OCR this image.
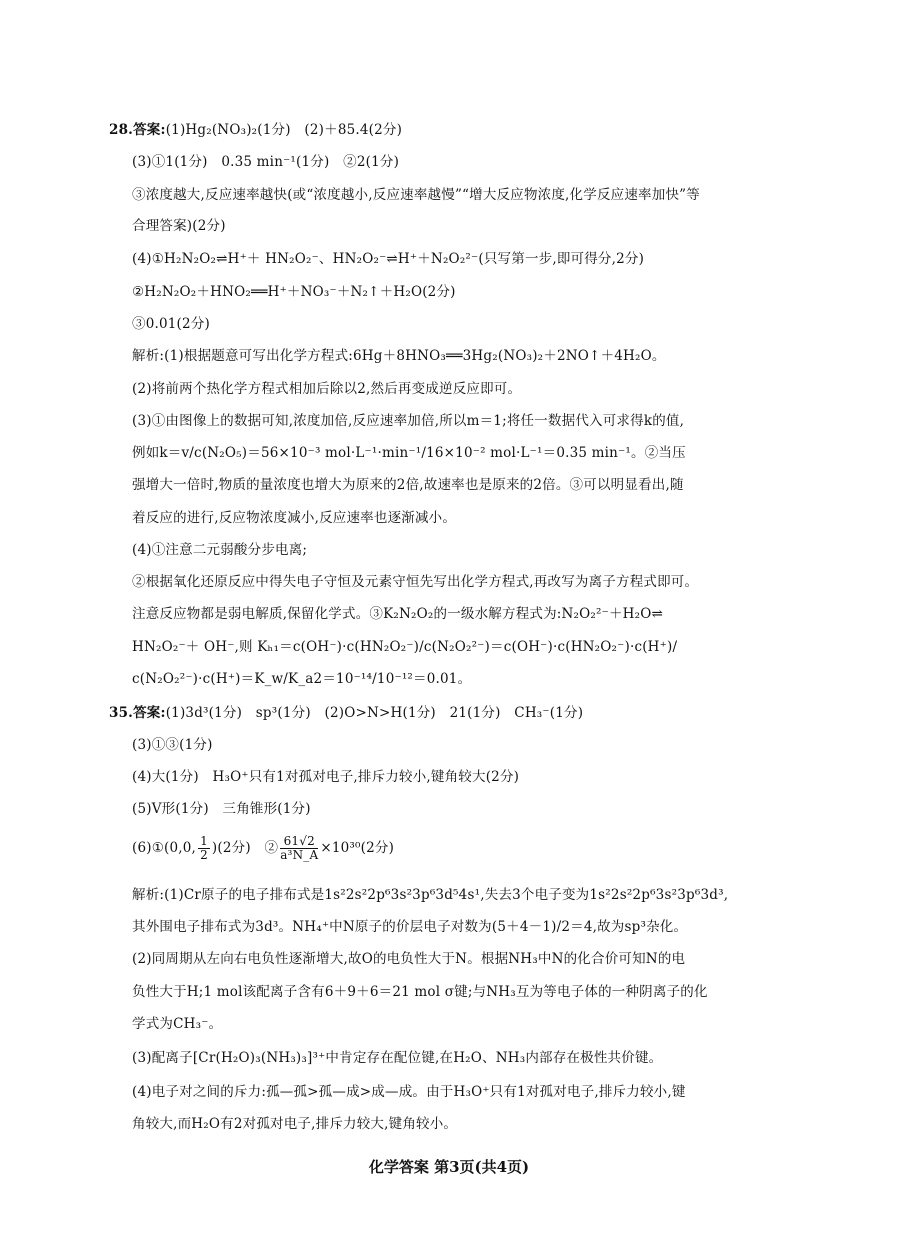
28.答案:(1)Hg₂(NO₃)₂(1分)　(2)＋85.4(2分)
(3)①1(1分)　0.35 min⁻¹(1分)　②2(1分)
③浓度越大,反应速率越快(或“浓度越小,反应速率越慢”“增大反应物浓度,化学反应速率加快”等
合理答案)(2分)
(4)①H₂N₂O₂⇌H⁺＋ HN₂O₂⁻、HN₂O₂⁻⇌H⁺＋N₂O₂²⁻(只写第一步,即可得分,2分)
②H₂N₂O₂＋HNO₂══H⁺＋NO₃⁻＋N₂↑＋H₂O(2分)
③0.01(2分)
解析:(1)根据题意可写出化学方程式:6Hg＋8HNO₃══3Hg₂(NO₃)₂＋2NO↑＋4H₂O。
(2)将前两个热化学方程式相加后除以2,然后再变成逆反应即可。
(3)①由图像上的数据可知,浓度加倍,反应速率加倍,所以m＝1;将任一数据代入可求得k的值,
例如k＝v/c(N₂O₅)＝56×10⁻³ mol·L⁻¹·min⁻¹/16×10⁻² mol·L⁻¹＝0.35 min⁻¹。②当压
强增大一倍时,物质的量浓度也增大为原来的2倍,故速率也是原来的2倍。③可以明显看出,随
着反应的进行,反应物浓度减小,反应速率也逐渐减小。
(4)①注意二元弱酸分步电离;
②根据氧化还原反应中得失电子守恒及元素守恒先写出化学方程式,再改写为离子方程式即可。
注意反应物都是弱电解质,保留化学式。③K₂N₂O₂的一级水解方程式为:N₂O₂²⁻＋H₂O⇌
HN₂O₂⁻＋ OH⁻,则 Kₕ₁＝c(OH⁻)·c(HN₂O₂⁻)/c(N₂O₂²⁻)＝c(OH⁻)·c(HN₂O₂⁻)·c(H⁺)/
c(N₂O₂²⁻)·c(H⁺)＝K_w/K_a2＝10⁻¹⁴/10⁻¹²＝0.01。
35.答案:(1)3d³(1分)　sp³(1分)　(2)O>N>H(1分)　21(1分)　CH₃⁻(1分)
(3)①③(1分)
(4)大(1分)　H₃O⁺只有1对孤对电子,排斥力较小,键角较大(2分)
(5)V形(1分)　三角锥形(1分)
(6)①(0,0, $\frac{1}{2} )(2$分)　② $\frac{61√2}{\text{a³N\_A}} \times 10^{30}(2$分)
解析:(1)Cr原子的电子排布式是1s²2s²2p⁶3s²3p⁶3d⁵4s¹,失去3个电子变为1s²2s²2p⁶3s²3p⁶3d³,
其外围电子排布式为3d³。NH₄⁺中N原子的价层电子对数为(5＋4－1)/2＝4,故为sp³杂化。
(2)同周期从左向右电负性逐渐增大,故O的电负性大于N。根据NH₃中N的化合价可知N的电
负性大于H;1 mol该配离子含有6＋9＋6＝21 mol σ键;与NH₃互为等电子体的一种阴离子的化
学式为CH₃⁻。
(3)配离子[Cr(H₂O)₃(NH₃)₃]³⁺中肯定存在配位键,在H₂O、NH₃内部存在极性共价键。
(4)电子对之间的斥力:孤—孤>孤—成>成—成。由于H₃O⁺只有1对孤对电子,排斥力较小,键
角较大,而H₂O有2对孤对电子,排斥力较大,键角较小。
化学答案 第3页(共4页)
